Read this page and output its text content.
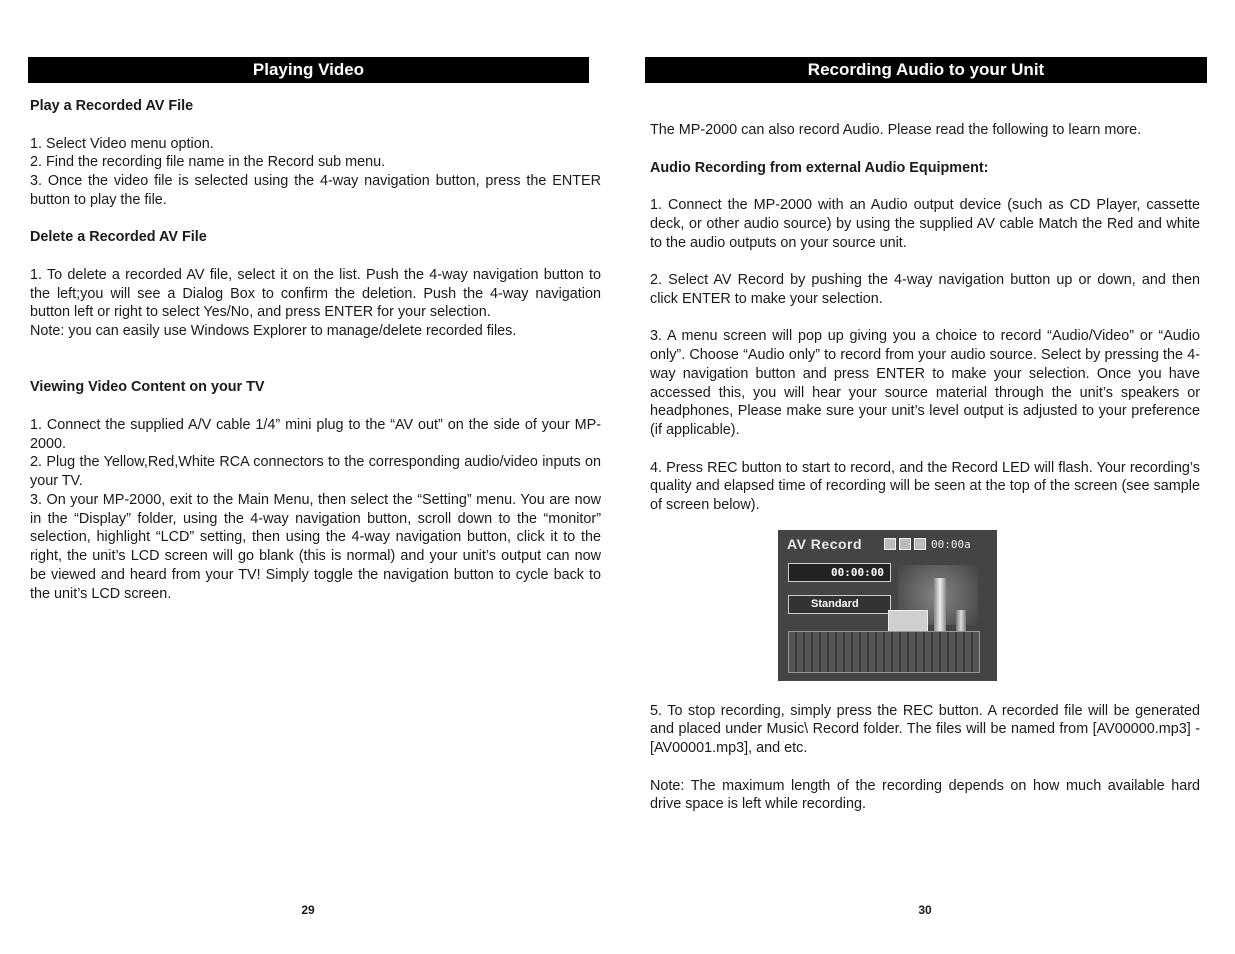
Playing Video

Play a Recorded AV File

1. Select Video menu option.

2. Find the recording file name in the Record sub menu.

3. Once the video file is selected using the 4-way navigation button, press the ENTER button to play the file.

Delete a Recorded AV File

1. To delete a recorded AV file, select it on the list. Push the 4-way navigation button to the left;you will see a Dialog Box to confirm the deletion. Push the 4-way navigation button left or right to select Yes/No, and press ENTER for your selection.

Note: you can easily use Windows Explorer to manage/delete recorded files.

Viewing Video Content on your TV

1. Connect the supplied A/V cable 1/4” mini plug to the “AV out” on the side of your MP-2000.

2. Plug the Yellow,Red,White RCA connectors to the corresponding audio/video inputs on your TV.

3. On your MP-2000, exit to the Main Menu, then select the “Setting” menu. You are now in the “Display” folder, using the 4-way navigation button, scroll down to the “monitor” selection, highlight “LCD” setting, then using the 4-way navigation button, click it to the right, the unit’s LCD screen will go blank (this is normal) and your unit’s output can now be viewed and heard from your TV! Simply toggle the navigation button to cycle back to the unit’s LCD screen.

29
Recording Audio to your Unit

The MP-2000 can also record Audio. Please read the following to learn more.

Audio Recording from external Audio Equipment:

1. Connect the MP-2000 with an Audio output device (such as CD Player, cassette deck, or other audio source) by using the supplied AV cable Match the Red and white to the audio outputs on your source unit.

2. Select AV Record by pushing the 4-way navigation button up or down, and then click ENTER to make your selection.

3. A menu screen will pop up giving you a choice to record “Audio/Video” or “Audio only”. Choose “Audio only” to record from your audio source. Select by pressing the 4-way navigation button and press ENTER to make your selection. Once you have accessed this, you will hear your source material through the unit’s speakers or headphones, Please make sure your unit’s level output is adjusted to your preference (if applicable).

4. Press REC button to start to record, and the Record LED will flash. Your recording’s quality and elapsed time of recording will be seen at the top of the screen (see sample of screen below).

5. To stop recording, simply press the REC button. A recorded file will be generated and placed under Music\ Record folder. The files will be named from [AV00000.mp3] - [AV00001.mp3], and etc.

Note: The maximum length of the recording depends on how much available hard drive space is left while recording.

30
AV Record	00:00a
00:00:00
Standard
